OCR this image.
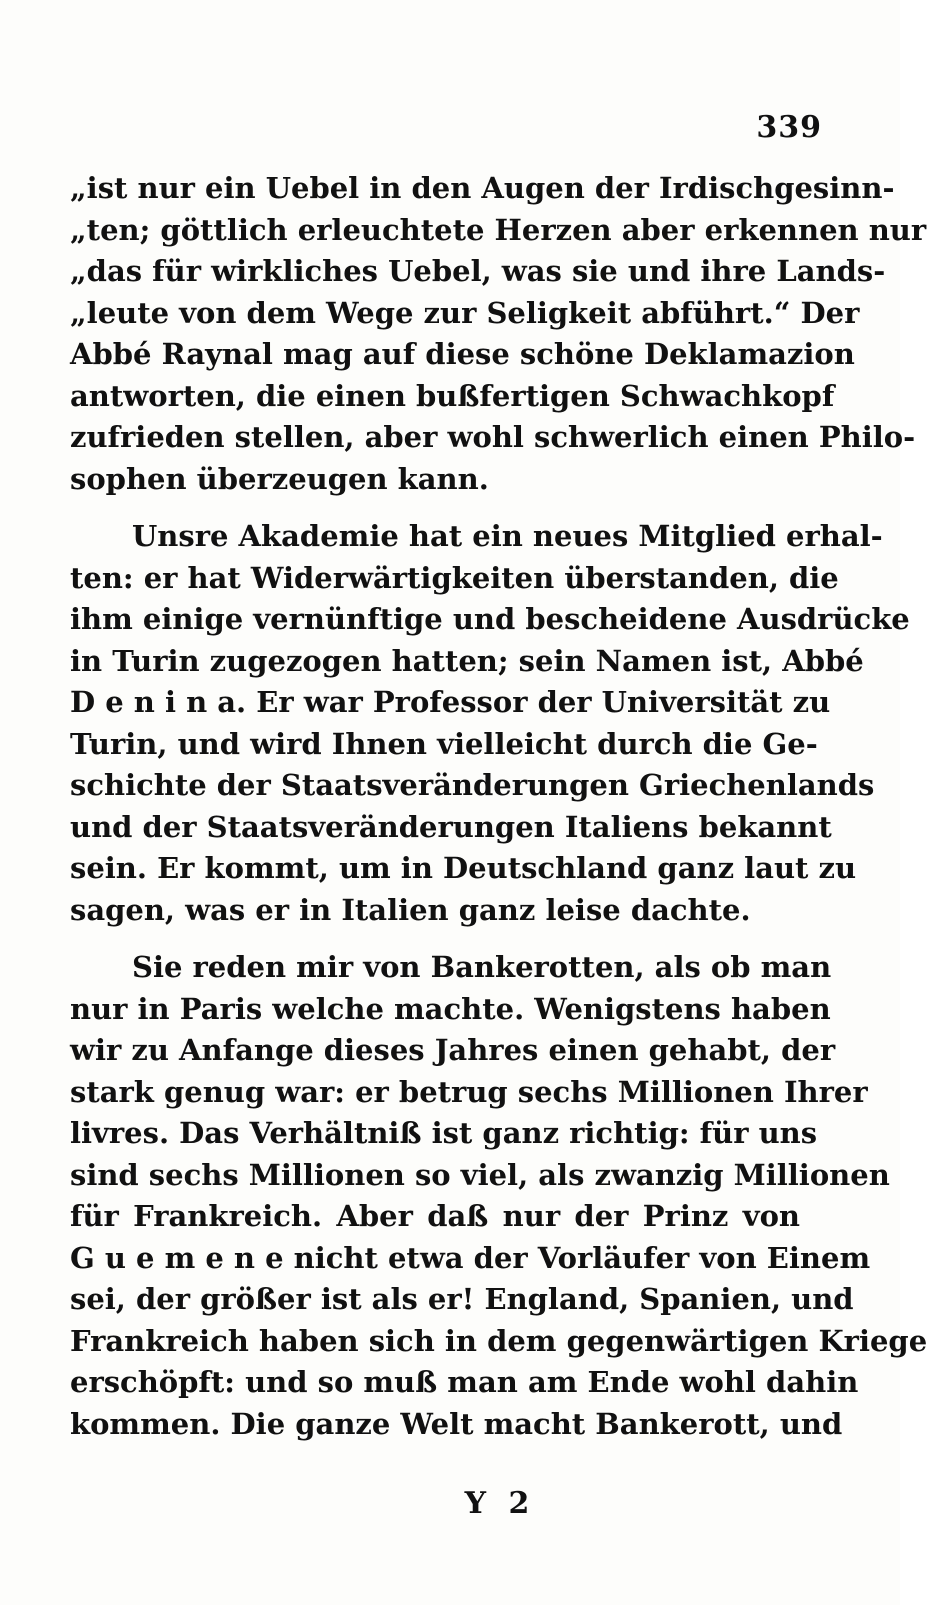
339
„ist nur ein Uebel in den Augen der Irdischgesinn-
„ten; göttlich erleuchtete Herzen aber erkennen nur
„das für wirkliches Uebel, was sie und ihre Lands-
„leute von dem Wege zur Seligkeit abführt.“ Der
Abbé Raynal mag auf diese schöne Deklamazion
antworten, die einen bußfertigen Schwachkopf
zufrieden stellen, aber wohl schwerlich einen Philo-
sophen überzeugen kann.
Unsre Akademie hat ein neues Mitglied erhal-
ten: er hat Widerwärtigkeiten überstanden, die
ihm einige vernünftige und bescheidene Ausdrücke
in Turin zugezogen hatten; sein Namen ist, Abbé
D e n i n a. Er war Professor der Universität zu
Turin, und wird Ihnen vielleicht durch die Ge-
schichte der Staatsveränderungen Griechenlands
und der Staatsveränderungen Italiens bekannt
sein. Er kommt, um in Deutschland ganz laut zu
sagen, was er in Italien ganz leise dachte.
Sie reden mir von Bankerotten, als ob man
nur in Paris welche machte. Wenigstens haben
wir zu Anfange dieses Jahres einen gehabt, der
stark genug war: er betrug sechs Millionen Ihrer
livres. Das Verhältniß ist ganz richtig: für uns
sind sechs Millionen so viel, als zwanzig Millionen
für Frankreich. Aber daß nur der Prinz von
G u e m e n e nicht etwa der Vorläufer von Einem
sei, der größer ist als er! England, Spanien, und
Frankreich haben sich in dem gegenwärtigen Kriege
erschöpft: und so muß man am Ende wohl dahin
kommen. Die ganze Welt macht Bankerott, und
Y 2
